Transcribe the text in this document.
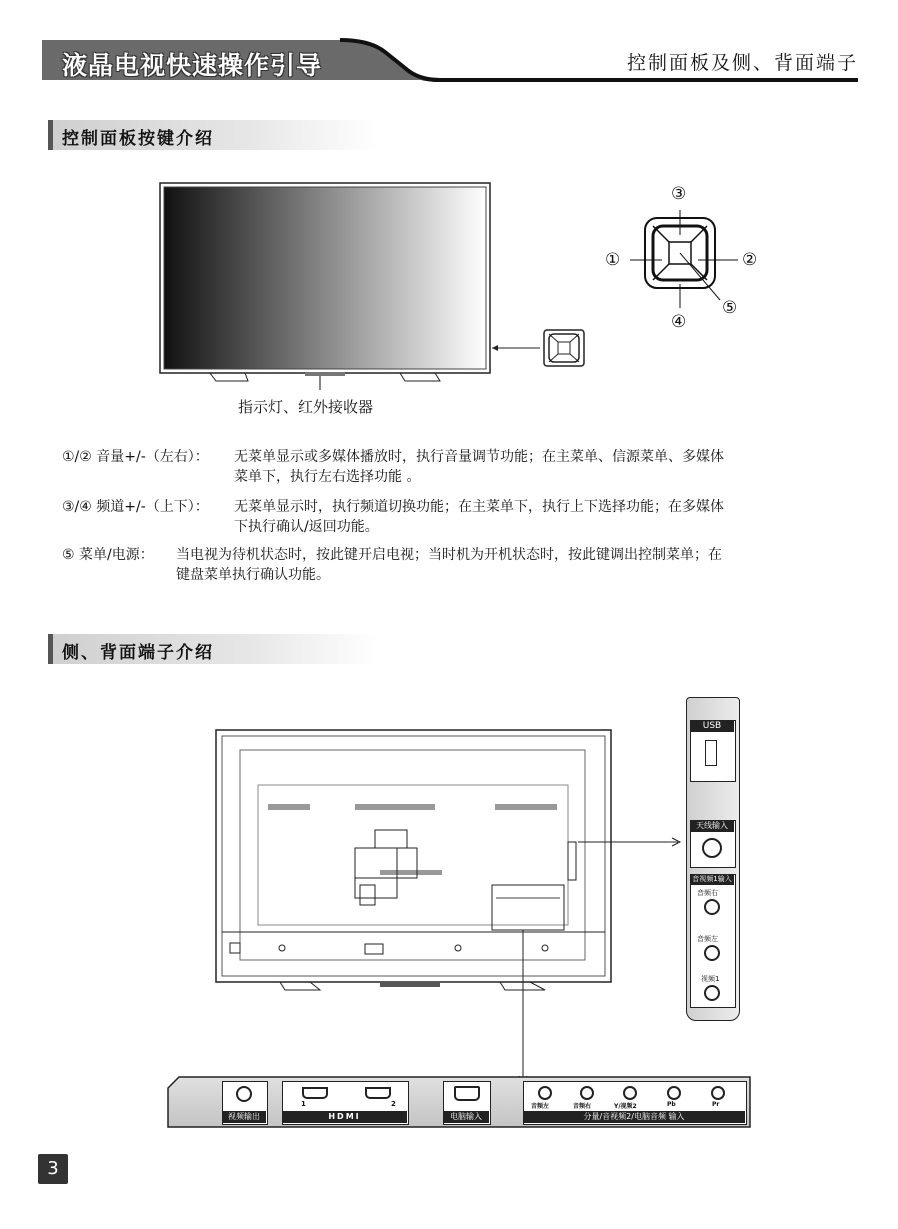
液晶电视快速操作引导	控制面板及侧、背面端子
控制面板按键介绍
指示灯、红外接收器
③
①	②
④
⑤
①/② 音量+/-（左右）： 无菜单显示或多媒体播放时，执行音量调节功能；在主菜单、信源菜单、多媒体
菜单下，执行左右选择功能 。
③/④ 频道+/-（上下）： 无菜单显示时，执行频道切换功能；在主菜单下，执行上下选择功能；在多媒体
下执行确认/返回功能。
⑤ 菜单/电源： 当电视为待机状态时，按此键开启电视；当时机为开机状态时，按此键调出控制菜单；在
键盘菜单执行确认功能。
侧、背面端子介绍
USB
天线输入
音视频1输入
音频右
音频左
视频1
视频输出
1	2
HDMI	电脑输入
音频左	音频右	Y/视频2	Pb	Pr
分量/音视频2/电脑音频 输入
3
